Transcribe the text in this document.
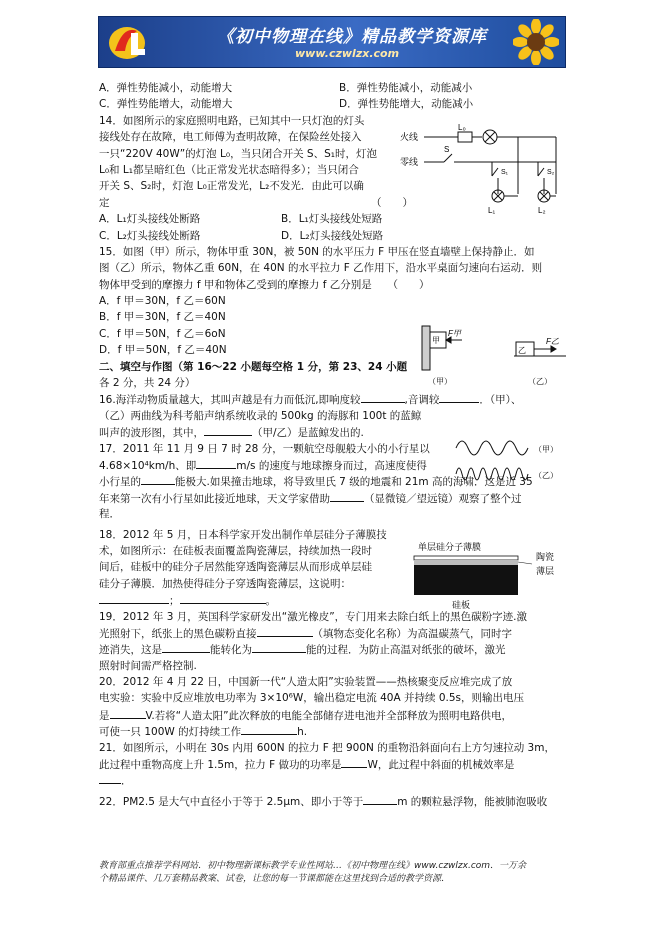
《初中物理在线》精品教学资源库
www.czwlzx.com
A．弹性势能减小，动能增大	B．弹性势能减小，动能减小
C．弹性势能增大，动能增大	D．弹性势能增大，动能减小
14．如图所示的家庭照明电路，已知其中一只灯泡的灯头
接线处存在故障，电工师傅为查明故障，在保险丝处接入
一只“220V 40W”的灯泡 L₀，当只闭合开关 S、S₁时，灯泡
L₀和 L₁都呈暗红色（比正常发光状态暗得多）；当只闭合
开关 S、S₂时，灯泡 L₀正常发光，L₂不发光．由此可以确
定	（　　）
A．L₁灯头接线处断路	B．L₁灯头接线处短路
C．L₂灯头接线处断路	D．L₂灯头接线处短路
15．如图（甲）所示，物体甲重 30N，被 50N 的水平压力 F 甲压在竖直墙壁上保持静止．如
图（乙）所示，物体乙重 60N，在 40N 的水平拉力 F 乙作用下，沿水平桌面匀速向右运动．则
物体甲受到的摩擦力 f 甲和物体乙受到的摩擦力 f 乙分别是　　（　　）
A．f 甲＝30N，f 乙＝60N
B．f 甲＝30N，f 乙＝40N
C．f 甲＝50N，f 乙＝6oN
D．f 甲＝50N，f 乙＝40N
二、填空与作图（第 16～22 小题每空格 1 分，第 23、24 小题
各 2 分，共 24 分）
16.海洋动物质量越大，其叫声越是有力而低沉,即响度较	,音调较	．（甲）、
（乙）两曲线为科考船声纳系统收录的 500kg 的海豚和 100t 的蓝鲸
叫声的波形图，其中，	（甲/乙）是蓝鲸发出的.
17．2011 年 11 月 9 日 7 时 28 分，一颗航空母舰般大小的小行星以
4.68×10⁴km/h、即	m/s 的速度与地球擦身而过，高速度使得
小行星的	能极大.如果撞击地球，将导致里氏 7 级的地震和 21m 高的海啸．这是近 35
年来第一次有小行星如此接近地球，天文学家借助	（显微镜／望远镜）观察了整个过
程．
18．2012 年 5 月，日本科学家开发出制作单层硅分子薄膜技
术，如图所示：在硅板表面覆盖陶瓷薄层，持续加热一段时
间后，硅板中的硅分子居然能穿透陶瓷薄层从而形成单层硅
硅分子薄膜．加热使得硅分子穿透陶瓷薄层，这说明：
；	。
19．2012 年 3 月，英国科学家研发出“激光橡皮”，专门用来去除白纸上的黑色碳粉字迹.激
光照射下，纸张上的黑色碳粉直接	（填物态变化名称）为高温碳蒸气，同时字
迹消失，这是	能转化为	能的过程．为防止高温对纸张的破坏，激光
照射时间需严格控制.
20．2012 年 4 月 22 日，中国新一代“人造太阳”实验装置——热核聚变反应堆完成了放
电实验：实验中反应堆放电功率为 3×10⁶W，输出稳定电流 40A 并持续 0.5s，则输出电压
是	V.若将“人造太阳”此次释放的电能全部储存进电池并全部释放为照明电路供电，
可使一只 100W 的灯持续工作	h.
21．如图所示，小明在 30s 内用 600N 的拉力 F 把 900N 的重物沿斜面向右上方匀速拉动 3m，
此过程中重物高度上升 1.5m，拉力 F 做功的功率是 W，此过程中斜面的机械效率是
．
22．PM2.5 是大气中直径小于等于 2.5μm、即小于等于	m 的颗粒悬浮物，能被肺泡吸收
火线
零线
L₀
S
S₁	S₂
L₁	L₂
甲
F甲
乙
F乙
（甲）	（乙）
（甲）
（乙）
单层硅分子薄膜
陶瓷
薄层
硅板
教育部重点推荐学科网站．初中物理新课标教学专业性网站…《初中物理在线》www.czwlzx.com．一万余
个精品课件、几万套精品教案、试卷，让您的每一节课都能在这里找到合适的教学资源．
